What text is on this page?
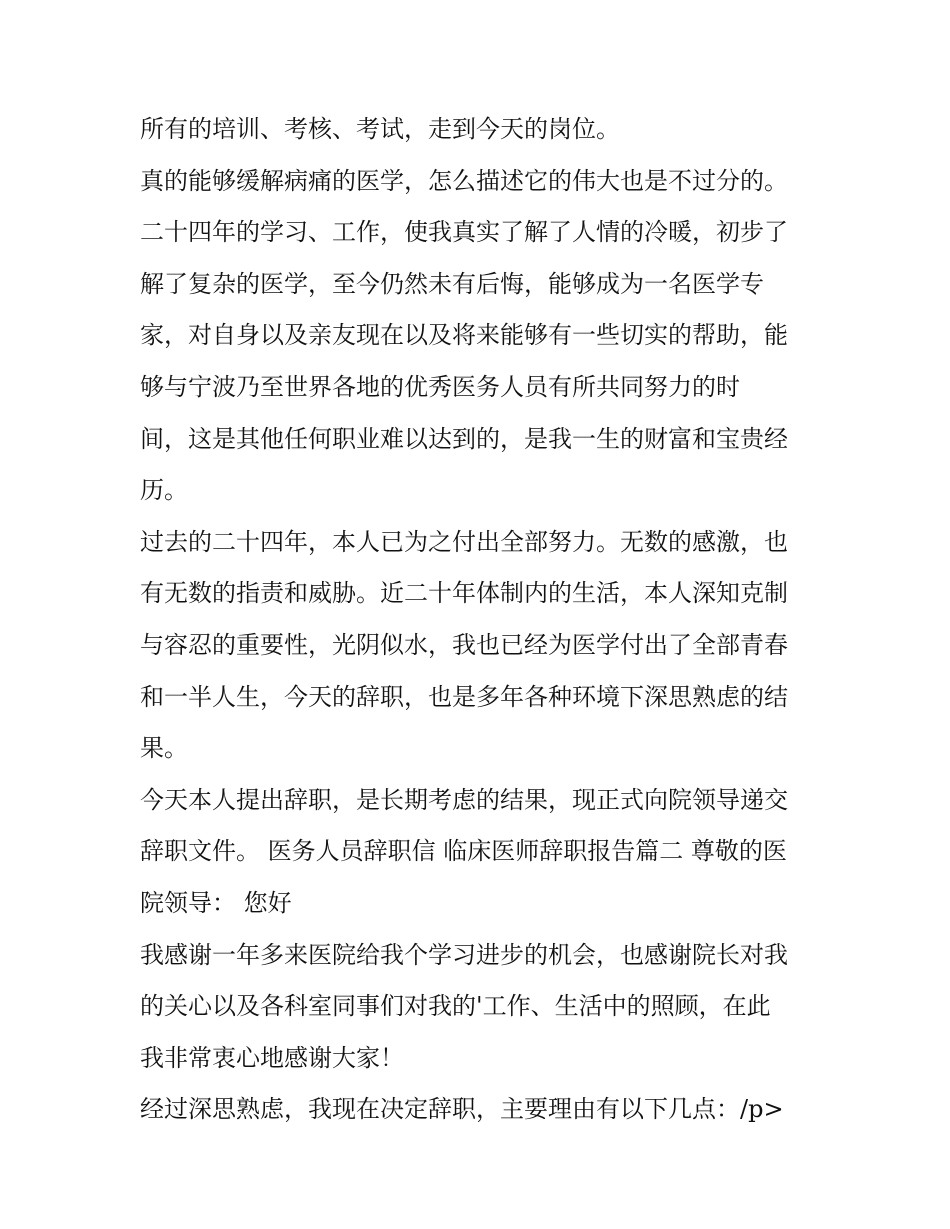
所有的培训、考核、考试，走到今天的岗位。
真的能够缓解病痛的医学，怎么描述它的伟大也是不过分的。
二十四年的学习、工作，使我真实了解了人情的冷暖，初步了
解了复杂的医学，至今仍然未有后悔，能够成为一名医学专
家，对自身以及亲友现在以及将来能够有一些切实的帮助，能
够与宁波乃至世界各地的优秀医务人员有所共同努力的时
间，这是其他任何职业难以达到的，是我一生的财富和宝贵经
历。
过去的二十四年，本人已为之付出全部努力。无数的感激，也
有无数的指责和威胁。近二十年体制内的生活，本人深知克制
与容忍的重要性，光阴似水，我也已经为医学付出了全部青春
和一半人生，今天的辞职，也是多年各种环境下深思熟虑的结
果。
今天本人提出辞职，是长期考虑的结果，现正式向院领导递交
辞职文件。 医务人员辞职信 临床医师辞职报告篇二 尊敬的医
院领导： 您好
我感谢一年多来医院给我个学习进步的机会，也感谢院长对我
的关心以及各科室同事们对我的'工作、生活中的照顾，在此
我非常衷心地感谢大家！
经过深思熟虑，我现在决定辞职，主要理由有以下几点：/p>
